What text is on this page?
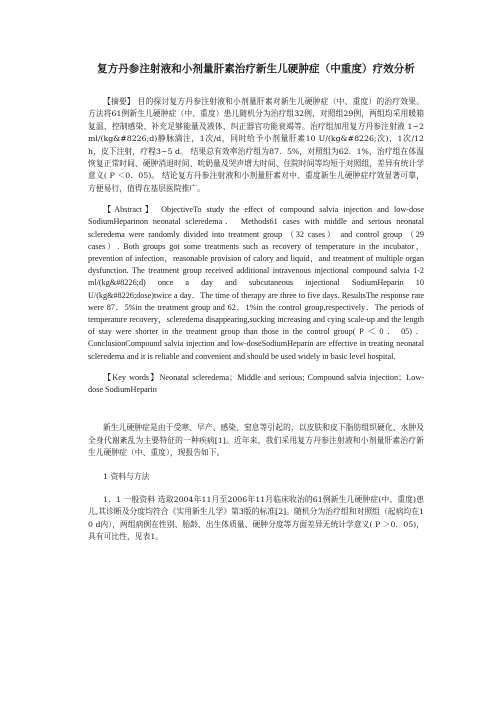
复方丹参注射液和小剂量肝素治疗新生儿硬肿症（中重度）疗效分析

【摘要】 目的探讨复方丹参注射液和小剂量肝素对新生儿硬肿症（中、重度）的治疗效果。 方法将61例新生儿硬肿症（中、重度）患儿随机分为治疗组32例，对照组29例，两组均采用暖箱复温、控制感染、补充足够能量及液体、纠正器官功能衰竭等。治疗组加用复方丹参注射液 1~2 ml/(kg&#8226;d)静脉滴注，1次/d，同时给予小剂量肝素10 U/(kg&#8226;次)，1次/12 h，皮下注射，疗程3~5 d。 结果总有效率治疗组为87．5%，对照组为62．1%，治疗组在体温恢复正常时间、硬肿消退时间、吮奶量及哭声增大时间、住院时间等均短于对照组，差异有统计学意义( P ＜0．05)。 结论复方丹参注射液和小剂量肝素对中、重度新生儿硬肿症疗效显著可靠，方便易行，值得在基层医院推广。

【Abstract】 ObjectiveTo study the effect of compound salvia injection and low-dose SodiumHeparinon neonatal scleredema． Methods61 cases with middle and serious neonatal scleredema were randomly divided into treatment group （32 cases） and control group （29 cases）. Both groups got some treatments such as recovery of temperature in the incubator，prevention of infection，reasonable provision of calory and liquid，and treatment of multiple organ dysfunction. The treatment group received additional intravenous injectional compound salvia 1-2 ml/(kg&#8226;d) once a day and subcutaneous injectional SodiumHeparin 10 U/(kg&#8226;dose)twice a day．The time of therapy are three to five days. ResultsThe response rate were 87．5%in the treatment group and 62．1%in the control group,respectively．The periods of temperature recovery，scleredema disappearing,sucking increasing and cying scale-up and the length of stay were shorter in the treatment group than those in the control group( P ＜ 0 ． 05) ． ConclusionCompound salvia injection and low-doseSodiumHeparin are effective in treating neonatal scleredema and it is reliable and convenient and should be used widely in basic level hospital.

【Key words】Neonatal scleredema；Middle and serious; Compound salvia injection；Low-dose SodiumHeparin

新生儿硬肿症是由于受寒、早产、感染、窒息等引起的，以皮肤和皮下脂肪组织硬化、水肿及全身代谢紊乱为主要特征的一种疾病[1]。近年来，我们采用复方丹参注射液和小剂量肝素治疗新生儿硬肿症（中、重度），现报告如下。

1 资料与方法

1．1 一般资料 选取2004年11月至2006年11月临床收治的61例新生儿硬肿症(中、重度)患儿,其诊断及分度均符合《实用新生儿学》第3版的标准[2]。随机分为治疗组和对照组（起病均在10 d内），两组病例在性别、胎龄、出生体质量、硬肿分度等方面差异无统计学意义( P ＞0．05)，具有可比性，见表1。
